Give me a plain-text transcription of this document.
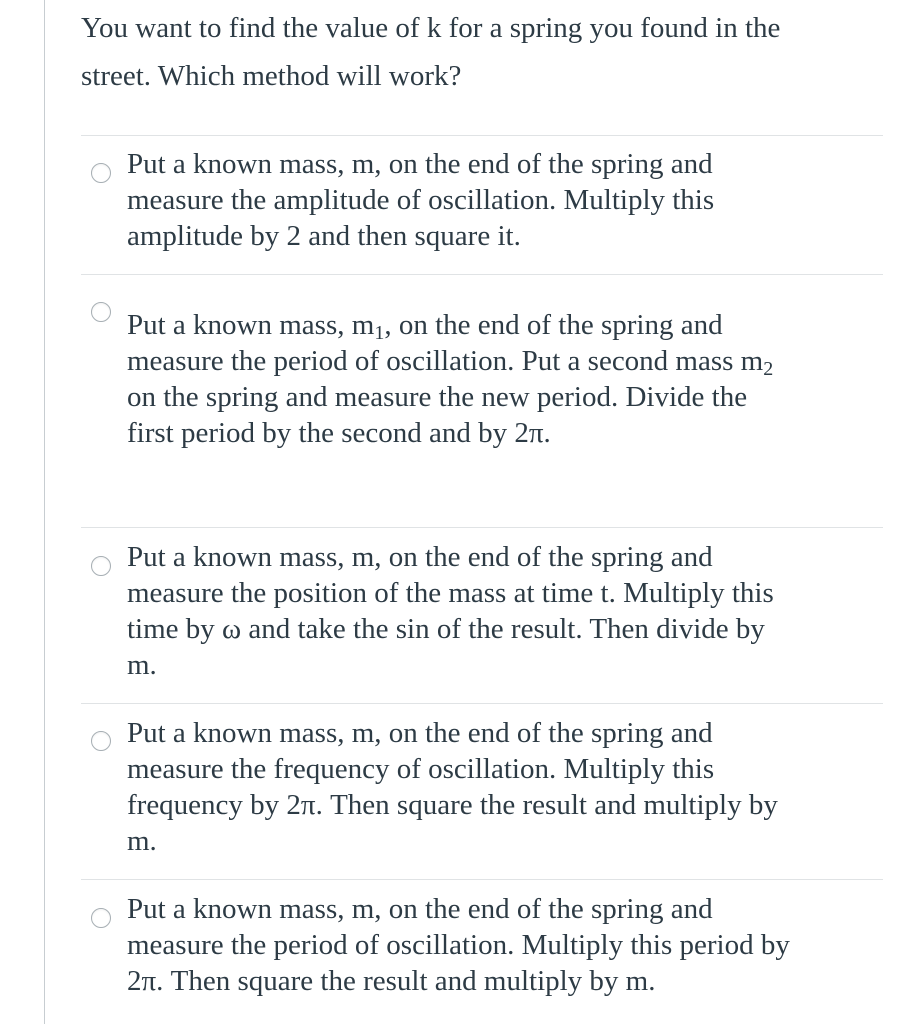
You want to find the value of k for a spring you found in the
street. Which method will work?

Put a known mass, m, on the end of the spring and
measure the amplitude of oscillation. Multiply this
amplitude by 2 and then square it.

Put a known mass, $m_1$, on the end of the spring and
measure the period of oscillation. Put a second mass $m_2$
on the spring and measure the new period. Divide the
first period by the second and by 2π.

Put a known mass, m, on the end of the spring and
measure the position of the mass at time t. Multiply this
time by ω and take the sin of the result. Then divide by
m.

Put a known mass, m, on the end of the spring and
measure the frequency of oscillation. Multiply this
frequency by 2π. Then square the result and multiply by
m.

Put a known mass, m, on the end of the spring and
measure the period of oscillation. Multiply this period by
2π. Then square the result and multiply by m.
